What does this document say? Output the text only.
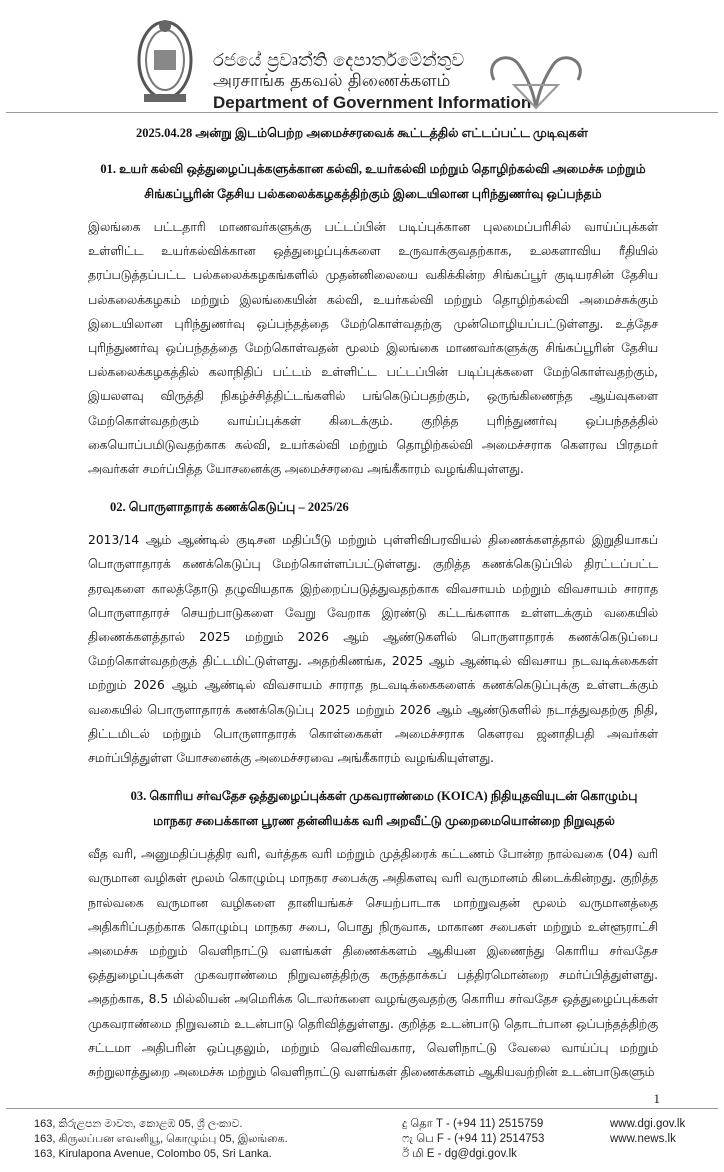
රජයේ ප්‍රවෘත්ති දෙපාර්තමේන්තුව
அரசாங்க தகவல் திணைக்களம்
Department of Government Information
2025.04.28 அன்று இடம்பெற்ற அமைச்சரவைக் கூட்டத்தில் எட்டப்பட்ட முடிவுகள்
01. உயர் கல்வி ஒத்துழைப்புக்களுக்கான கல்வி, உயர்கல்வி மற்றும் தொழிற்கல்வி அமைச்சு மற்றும் சிங்கப்பூரின் தேசிய பல்கலைக்கழகத்திற்கும் இடையிலான புரிந்துணர்வு ஒப்பந்தம்
இலங்கை பட்டதாரி மாணவர்களுக்கு பட்டப்பின் படிப்புக்கான புலமைப்பரிசில் வாய்ப்புக்கள் உள்ளிட்ட உயர்கல்விக்கான ஒத்துழைப்புக்களை உருவாக்குவதற்காக, உலகளாவிய ரீதியில் தரப்படுத்தப்பட்ட பல்கலைக்கழகங்களில் முதன்னிலையை வகிக்கின்ற சிங்கப்பூர் குடியரசின் தேசிய பல்கலைக்கழகம் மற்றும் இலங்கையின் கல்வி, உயர்கல்வி மற்றும் தொழிற்கல்வி அமைச்சுக்கும் இடையிலான புரிந்துணர்வு ஒப்பந்தத்தை மேற்கொள்வதற்கு முன்மொழியப்பட்டுள்ளது. உத்தேச புரிந்துணர்வு ஒப்பந்தத்தை மேற்கொள்வதன் மூலம் இலங்கை மாணவர்களுக்கு சிங்கப்பூரின் தேசிய பல்கலைக்கழகத்தில் கலாநிதிப் பட்டம் உள்ளிட்ட பட்டப்பின் படிப்புக்களை மேற்கொள்வதற்கும், இயலளவு விருத்தி நிகழ்ச்சித்திட்டங்களில் பங்கெடுப்பதற்கும், ஒருங்கிணைந்த ஆய்வுகளை மேற்கொள்வதற்கும் வாய்ப்புக்கள் கிடைக்கும். குறித்த புரிந்துணர்வு ஒப்பந்தத்தில் கையொப்பமிடுவதற்காக கல்வி, உயர்கல்வி மற்றும் தொழிற்கல்வி அமைச்சராக கௌரவ பிரதமர் அவர்கள் சமர்ப்பித்த யோசனைக்கு அமைச்சரவை அங்கீகாரம் வழங்கியுள்ளது.
02. பொருளாதாரக் கணக்கெடுப்பு – 2025/26
2013/14 ஆம் ஆண்டில் குடிசன மதிப்பீடு மற்றும் புள்ளிவிபரவியல் திணைக்களத்தால் இறுதியாகப் பொருளாதாரக் கணக்கெடுப்பு மேற்கொள்ளப்பட்டுள்ளது. குறித்த கணக்கெடுப்பில் திரட்டப்பட்ட தரவுகளை காலத்தோடு தழுவியதாக இற்றைப்படுத்துவதற்காக விவசாயம் மற்றும் விவசாயம் சாராத பொருளாதாரச் செயற்பாடுகளை வேறு வேறாக இரண்டு கட்டங்களாக உள்ளடக்கும் வகையில் திணைக்களத்தால் 2025 மற்றும் 2026 ஆம் ஆண்டுகளில் பொருளாதாரக் கணக்கெடுப்பை மேற்கொள்வதற்குத் திட்டமிட்டுள்ளது. அதற்கிணங்க, 2025 ஆம் ஆண்டில் விவசாய நடவடிக்கைகள் மற்றும் 2026 ஆம் ஆண்டில் விவசாயம் சாராத நடவடிக்கைகளைக் கணக்கெடுப்புக்கு உள்ளடக்கும் வகையில் பொருளாதாரக் கணக்கெடுப்பு 2025 மற்றும் 2026 ஆம் ஆண்டுகளில் நடாத்துவதற்கு நிதி, திட்டமிடல் மற்றும் பொருளாதாரக் கொள்கைகள் அமைச்சராக கௌரவ ஜனாதிபதி அவர்கள் சமர்ப்பித்துள்ள யோசனைக்கு அமைச்சரவை அங்கீகாரம் வழங்கியுள்ளது.
03. கொரிய சர்வதேச ஒத்துழைப்புக்கள் முகவராண்மை (KOICA) நிதியுதவியுடன் கொழும்பு மாநகர சபைக்கான பூரண தன்னியக்க வரி அறவீட்டு முறைமையொன்றை நிறுவுதல்
வீத வரி, அனுமதிப்பத்திர வரி, வர்த்தக வரி மற்றும் முத்திரைக் கட்டணம் போன்ற நால்வகை (04) வரி வருமான வழிகள் மூலம் கொழும்பு மாநகர சபைக்கு அதிகளவு வரி வருமானம் கிடைக்கின்றது. குறித்த நால்வகை வருமான வழிகளை தானியங்கச் செயற்பாடாக மாற்றுவதன் மூலம் வருமானத்தை அதிகரிப்பதற்காக கொழும்பு மாநகர சபை, பொது நிருவாக, மாகாண சபைகள் மற்றும் உள்ளூராட்சி அமைச்சு மற்றும் வெளிநாட்டு வளங்கள் திணைக்களம் ஆகியன இணைந்து கொரிய சர்வதேச ஒத்துழைப்புக்கள் முகவராண்மை நிறுவனத்திற்கு கருத்தாக்கப் பத்திரமொன்றை சமர்ப்பித்துள்ளது. அதற்காக, 8.5 மில்லியன் அமெரிக்க டொலர்களை வழங்குவதற்கு கொரிய சர்வதேச ஒத்துழைப்புக்கள் முகவராண்மை நிறுவனம் உடன்பாடு தெரிவித்துள்ளது. குறித்த உடன்பாடு தொடர்பான ஒப்பந்தத்திற்கு சட்டமா அதிபரின் ஒப்புதலும், மற்றும் வெளிவிவகார, வெளிநாட்டு வேலை வாய்ப்பு மற்றும் சுற்றுலாத்துறை அமைச்சு மற்றும் வெளிநாட்டு வளங்கள் திணைக்களம் ஆகியவற்றின் உடன்பாடுகளும்
1
163, කිරුළපන මාවත, කොළඹ 05, ශ්‍රී ලංකාව.
163, கிருலப்பன எவனியூ, கொழும்பு 05, இலங்கை.
163, Kirulapona Avenue, Colombo 05, Sri Lanka.
දු தொ T - (+94 11) 2515759
ෆැ பெ F - (+94 11) 2514753
ඊ மி E - dg@dgi.gov.lk
www.dgi.gov.lk
www.news.lk
